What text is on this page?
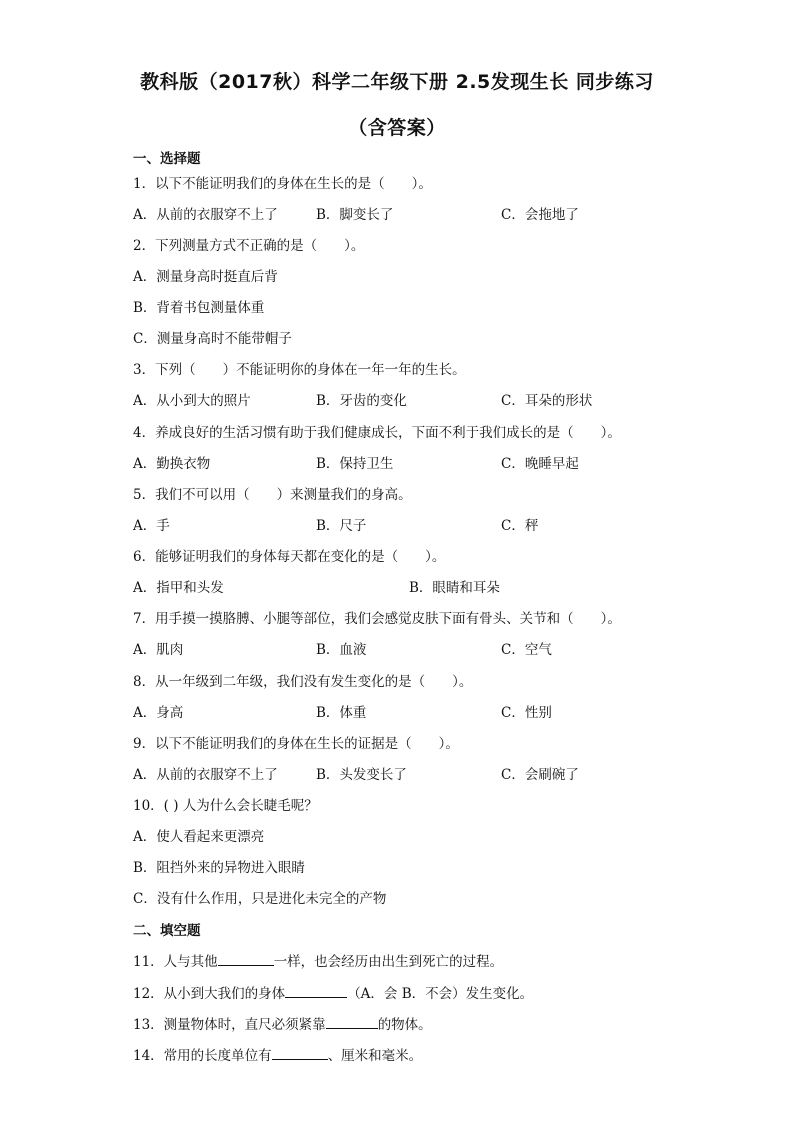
教科版（2017秋）科学二年级下册 2.5发现生长 同步练习
（含答案）
一、选择题
1．以下不能证明我们的身体在生长的是（　　）。
A．从前的衣服穿不上了	B．脚变长了	C．会拖地了
2．下列测量方式不正确的是（　　）。
A．测量身高时挺直后背
B．背着书包测量体重
C．测量身高时不能带帽子
3．下列（　　）不能证明你的身体在一年一年的生长。
A．从小到大的照片	B．牙齿的变化	C．耳朵的形状
4．养成良好的生活习惯有助于我们健康成长，下面不利于我们成长的是（　　）。
A．勤换衣物	B．保持卫生	C．晚睡早起
5．我们不可以用（　　）来测量我们的身高。
A．手	B．尺子	C．秤
6．能够证明我们的身体每天都在变化的是（　　）。
A．指甲和头发	B．眼睛和耳朵
7．用手摸一摸胳膊、小腿等部位，我们会感觉皮肤下面有骨头、关节和（　　）。
A．肌肉	B．血液	C．空气
8．从一年级到二年级，我们没有发生变化的是（　　）。
A．身高	B．体重	C．性别
9．以下不能证明我们的身体在生长的证据是（　　）。
A．从前的衣服穿不上了	B．头发变长了	C．会刷碗了
10．( ) 人为什么会长睫毛呢？
A．使人看起来更漂亮
B．阻挡外来的异物进入眼睛
C．没有什么作用，只是进化未完全的产物
二、填空题
11．人与其他	一样，也会经历由出生到死亡的过程。
12．从小到大我们的身体	（A．会 B．不会）发生变化。
13．测量物体时，直尺必须紧靠	的物体。
14．常用的长度单位有	、厘米和毫米。
